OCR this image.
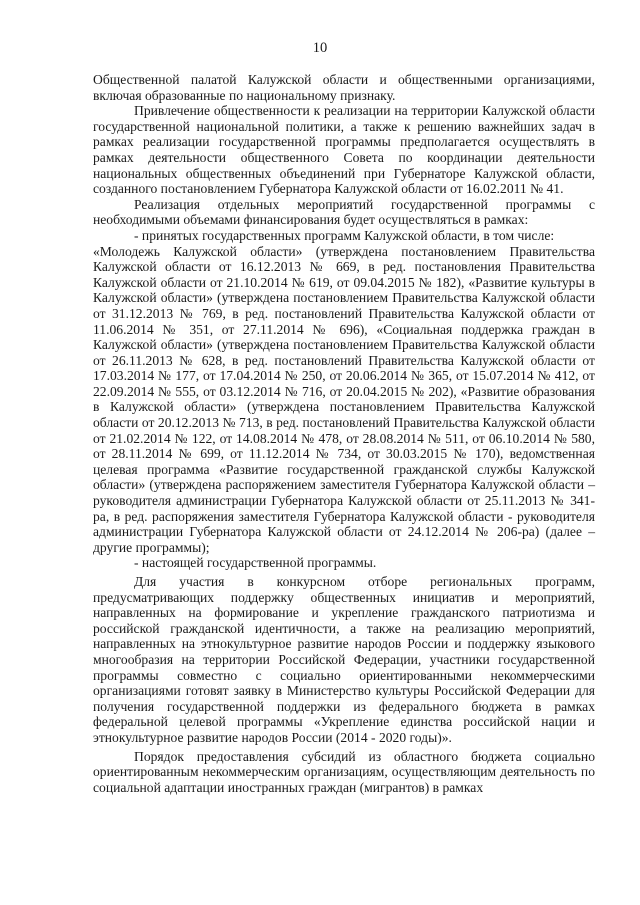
10

Общественной палатой Калужской области и общественными организациями, включая образованные по национальному признаку.

Привлечение общественности к реализации на территории Калужской области государственной национальной политики, а также к решению важнейших задач в рамках реализации государственной программы предполагается осуществлять в рамках деятельности общественного Совета по координации деятельности национальных общественных объединений при Губернаторе Калужской области, созданного постановлением Губернатора Калужской области от 16.02.2011 № 41.

Реализация отдельных мероприятий государственной программы с необходимыми объемами финансирования будет осуществляться в рамках:

- принятых государственных программ Калужской области, в том числе:

«Молодежь Калужской области» (утверждена постановлением Правительства Калужской области от 16.12.2013 № 669, в ред. постановления Правительства Калужской области от 21.10.2014 № 619, от 09.04.2015 № 182), «Развитие культуры в Калужской области» (утверждена постановлением Правительства Калужской области от 31.12.2013 № 769, в ред. постановлений Правительства Калужской области от 11.06.2014 № 351, от 27.11.2014 № 696), «Социальная поддержка граждан в Калужской области» (утверждена постановлением Правительства Калужской области от 26.11.2013 № 628, в ред. постановлений Правительства Калужской области от 17.03.2014 № 177, от 17.04.2014 № 250, от 20.06.2014 № 365, от 15.07.2014 № 412, от 22.09.2014 № 555, от 03.12.2014 № 716, от 20.04.2015 № 202), «Развитие образования в Калужской области» (утверждена постановлением Правительства Калужской области от 20.12.2013 № 713, в ред. постановлений Правительства Калужской области от 21.02.2014 № 122, от 14.08.2014 № 478, от 28.08.2014 № 511, от 06.10.2014 № 580, от 28.11.2014 № 699, от 11.12.2014 № 734, от 30.03.2015 № 170), ведомственная целевая программа «Развитие государственной гражданской службы Калужской области» (утверждена распоряжением заместителя Губернатора Калужской области – руководителя администрации Губернатора Калужской области от 25.11.2013 № 341-ра, в ред. распоряжения заместителя Губернатора Калужской области - руководителя администрации Губернатора Калужской области от 24.12.2014 № 206-ра) (далее – другие программы);

- настоящей государственной программы.

Для участия в конкурсном отборе региональных программ, предусматривающих поддержку общественных инициатив и мероприятий, направленных на формирование и укрепление гражданского патриотизма и российской гражданской идентичности, а также на реализацию мероприятий, направленных на этнокультурное развитие народов России и поддержку языкового многообразия на территории Российской Федерации, участники государственной программы совместно с социально ориентированными некоммерческими организациями готовят заявку в Министерство культуры Российской Федерации для получения государственной поддержки из федерального бюджета в рамках федеральной целевой программы «Укрепление единства российской нации и этнокультурное развитие народов России (2014 - 2020 годы)».

Порядок предоставления субсидий из областного бюджета социально ориентированным некоммерческим организациям, осуществляющим деятельность по социальной адаптации иностранных граждан (мигрантов) в рамках
